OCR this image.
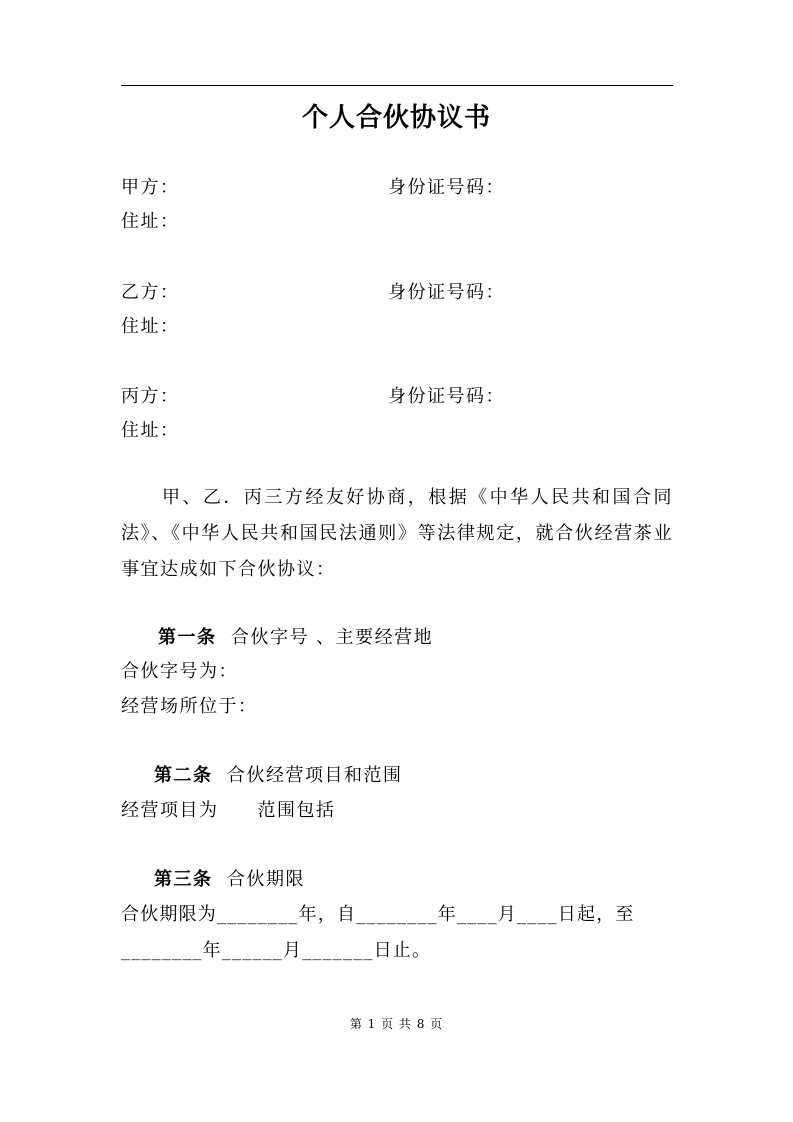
个人合伙协议书
甲方：	身份证号码：
住址：
乙方：	身份证号码：
住址：
丙方：	身份证号码：
住址：
甲、乙．丙三方经友好协商，根据《中华人民共和国合同法》、《中华人民共和国民法通则》等法律规定，就合伙经营茶业事宜达成如下合伙协议：
第一条 合伙字号 、主要经营地
合伙字号为：
经营场所位于：
第二条 合伙经营项目和范围
经营项目为　　范围包括
第三条 合伙期限
合伙期限为________年，自________年____月____日起，至
________年______月_______日止。
第 1 页 共 8 页
